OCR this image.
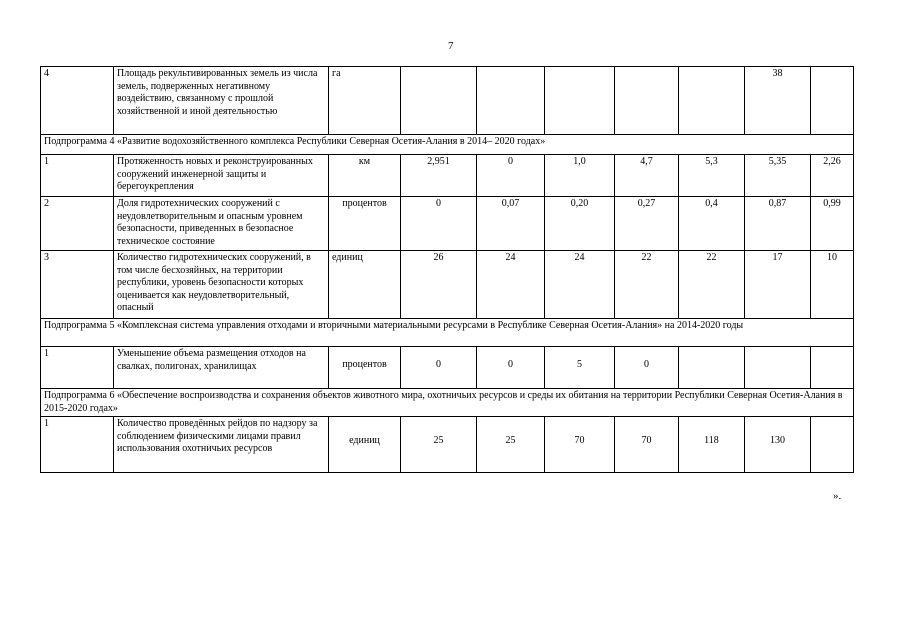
7
4	Площадь рекультивированных земель из числа земель, подверженных негативному воздействию, связанному с прошлой хозяйственной и иной деятельностью	га						38	
Подпрограмма 4 «Развитие водохозяйственного комплекса Республики Северная Осетия-Алания в 2014– 2020 годах»									
1	Протяженность новых и реконструированных сооружений инженерной защиты и берегоукрепления	км	2,951	0	1,0	4,7	5,3	5,35	2,26
2	Доля гидротехнических сооружений с неудовлетворительным и опасным уровнем безопасности, приведенных в безопасное техническое состояние	процентов	0	0,07	0,20	0,27	0,4	0,87	0,99
3	Количество гидротехнических сооружений, в том числе бесхозяйных, на территории республики, уровень безопасности которых оценивается как неудовлетворительный, опасный	единиц	26	24	24	22	22	17	10
Подпрограмма 5 «Комплексная система управления отходами и вторичными материальными ресурсами в Республике Северная Осетия-Алания» на 2014-2020 годы									
1	Уменьшение объема размещения отходов на свалках, полигонах, хранилищах	процентов	0	0	5	0			
Подпрограмма 6 «Обеспечение воспроизводства и сохранения объектов животного мира, охотничьих ресурсов и среды их обитания на территории Республики Северная Осетия-Алания в 2015-2020 годах»									
1	Количество проведённых рейдов по надзору за соблюдением физическими лицами правил использования охотничьих ресурсов	единиц	25	25	70	70	118	130	
».
